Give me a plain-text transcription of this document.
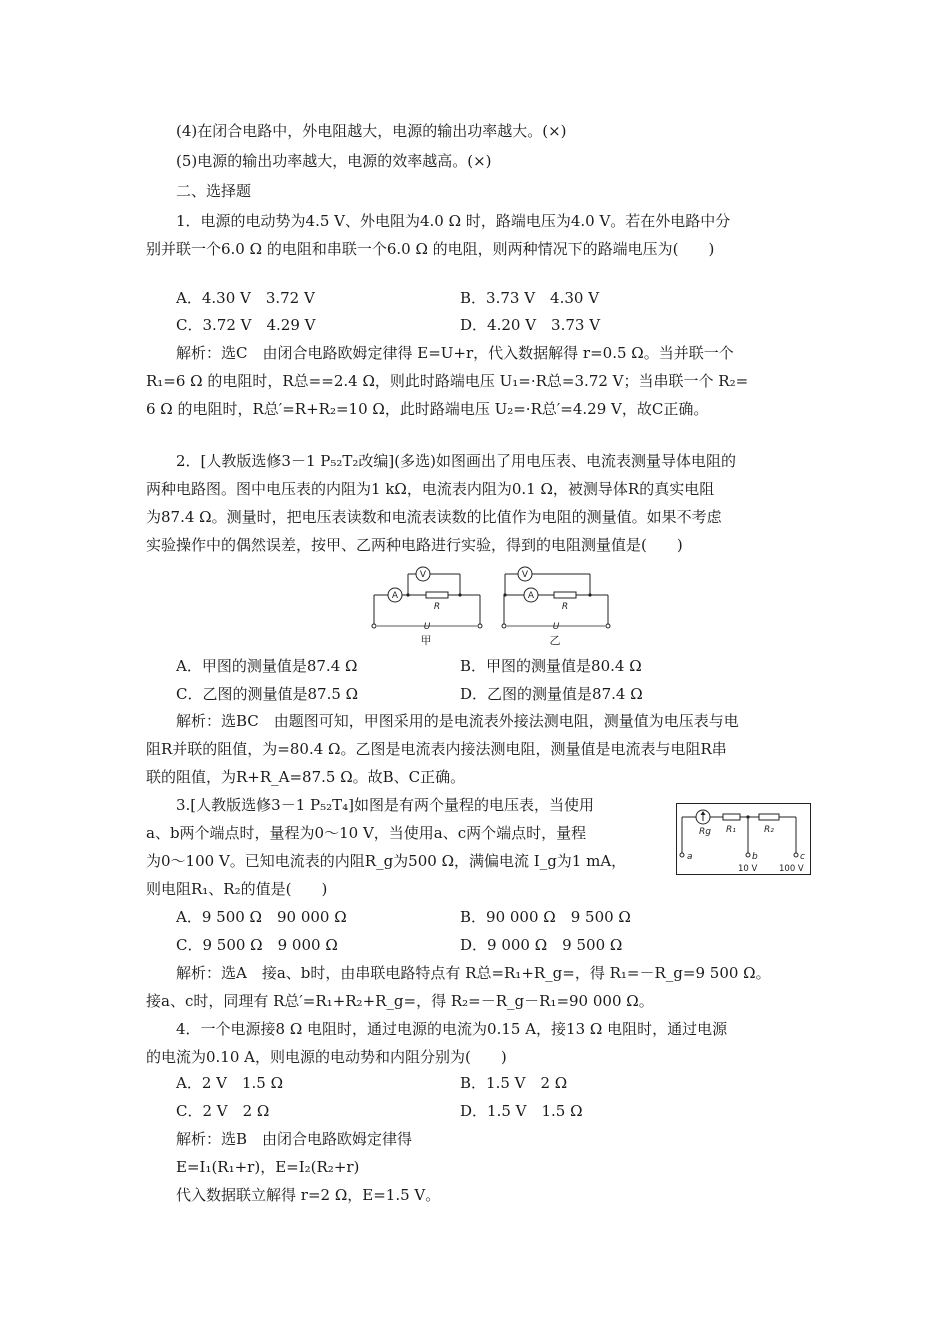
(4)在闭合电路中，外电阻越大，电源的输出功率越大。(×)
(5)电源的输出功率越大，电源的效率越高。(×)
二、选择题
1．电源的电动势为4.5 V、外电阻为4.0 Ω 时，路端电压为4.0 V。若在外电路中分
别并联一个6.0 Ω 的电阻和串联一个6.0 Ω 的电阻，则两种情况下的路端电压为(　　)
A．4.30 V　3.72 V	B．3.73 V　4.30 V
C．3.72 V　4.29 V	D．4.20 V　3.73 V
解析：选C　由闭合电路欧姆定律得 E=U+r，代入数据解得 r=0.5 Ω。当并联一个
R₁=6 Ω 的电阻时，R总==2.4 Ω，则此时路端电压 U₁=·R总=3.72 V；当串联一个 R₂=
6 Ω 的电阻时，R总′=R+R₂=10 Ω，此时路端电压 U₂=·R总′=4.29 V，故C正确。
2．[人教版选修3－1 P₅₂T₂改编](多选)如图画出了用电压表、电流表测量导体电阻的
两种电路图。图中电压表的内阻为1 kΩ，电流表内阻为0.1 Ω，被测导体R的真实电阻
为87.4 Ω。测量时，把电压表读数和电流表读数的比值作为电阻的测量值。如果不考虑
实验操作中的偶然误差，按甲、乙两种电路进行实验，得到的电阻测量值是(　　)
V
A
R
U
甲
V
A
R
U
乙
A．甲图的测量值是87.4 Ω	B．甲图的测量值是80.4 Ω
C．乙图的测量值是87.5 Ω	D．乙图的测量值是87.4 Ω
解析：选BC　由题图可知，甲图采用的是电流表外接法测电阻，测量值为电压表与电
阻R并联的阻值，为=80.4 Ω。乙图是电流表内接法测电阻，测量值是电流表与电阻R串
联的阻值，为R+R_A=87.5 Ω。故B、C正确。
3.[人教版选修3－1 P₅₂T₄]如图是有两个量程的电压表，当使用
a、b两个端点时，量程为0～10 V，当使用a、c两个端点时，量程
为0～100 V。已知电流表的内阻R_g为500 Ω，满偏电流 I_g为1 mA，
则电阻R₁、R₂的值是(　　)
Rg R₁	R₂
a	b	c
10 V	100 V
A．9 500 Ω　90 000 Ω	B．90 000 Ω　9 500 Ω
C．9 500 Ω　9 000 Ω	D．9 000 Ω　9 500 Ω
解析：选A　接a、b时，由串联电路特点有 R总=R₁+R_g=，得 R₁=－R_g=9 500 Ω。
接a、c时，同理有 R总′=R₁+R₂+R_g=，得 R₂=－R_g－R₁=90 000 Ω。
4．一个电源接8 Ω 电阻时，通过电源的电流为0.15 A，接13 Ω 电阻时，通过电源
的电流为0.10 A，则电源的电动势和内阻分别为(　　)
A．2 V　1.5 Ω	B．1.5 V　2 Ω
C．2 V　2 Ω	D．1.5 V　1.5 Ω
解析：选B　由闭合电路欧姆定律得
E=I₁(R₁+r)，E=I₂(R₂+r)
代入数据联立解得 r=2 Ω，E=1.5 V。
